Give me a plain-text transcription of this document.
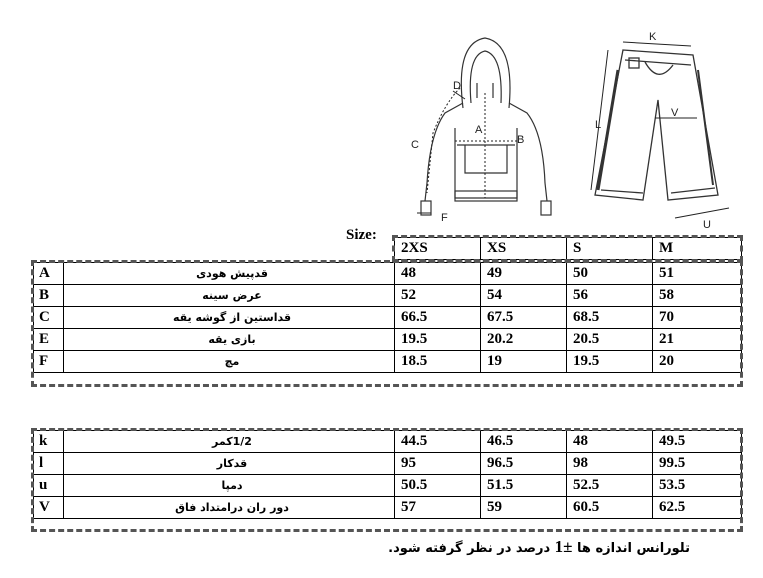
D
C
A
B
F
K
L
V
U
Size:
2XS	XS	S	M
A	قدپیش هودی	48	49	50	51
B	عرض سینه	52	54	56	58
C	قداستین از گوشه یقه	66.5	67.5	68.5	70
E	بازی یقه	19.5	20.2	20.5	21
F	مچ	18.5	19	19.5	20
k	1/2کمر	44.5	46.5	48	49.5
l	قدکار	95	96.5	98	99.5
u	دمپا	50.5	51.5	52.5	53.5
V	دور ران درامتداد فاق	57	59	60.5	62.5
تلورانس اندازه ها ±1 درصد در نظر گرفته شود.
